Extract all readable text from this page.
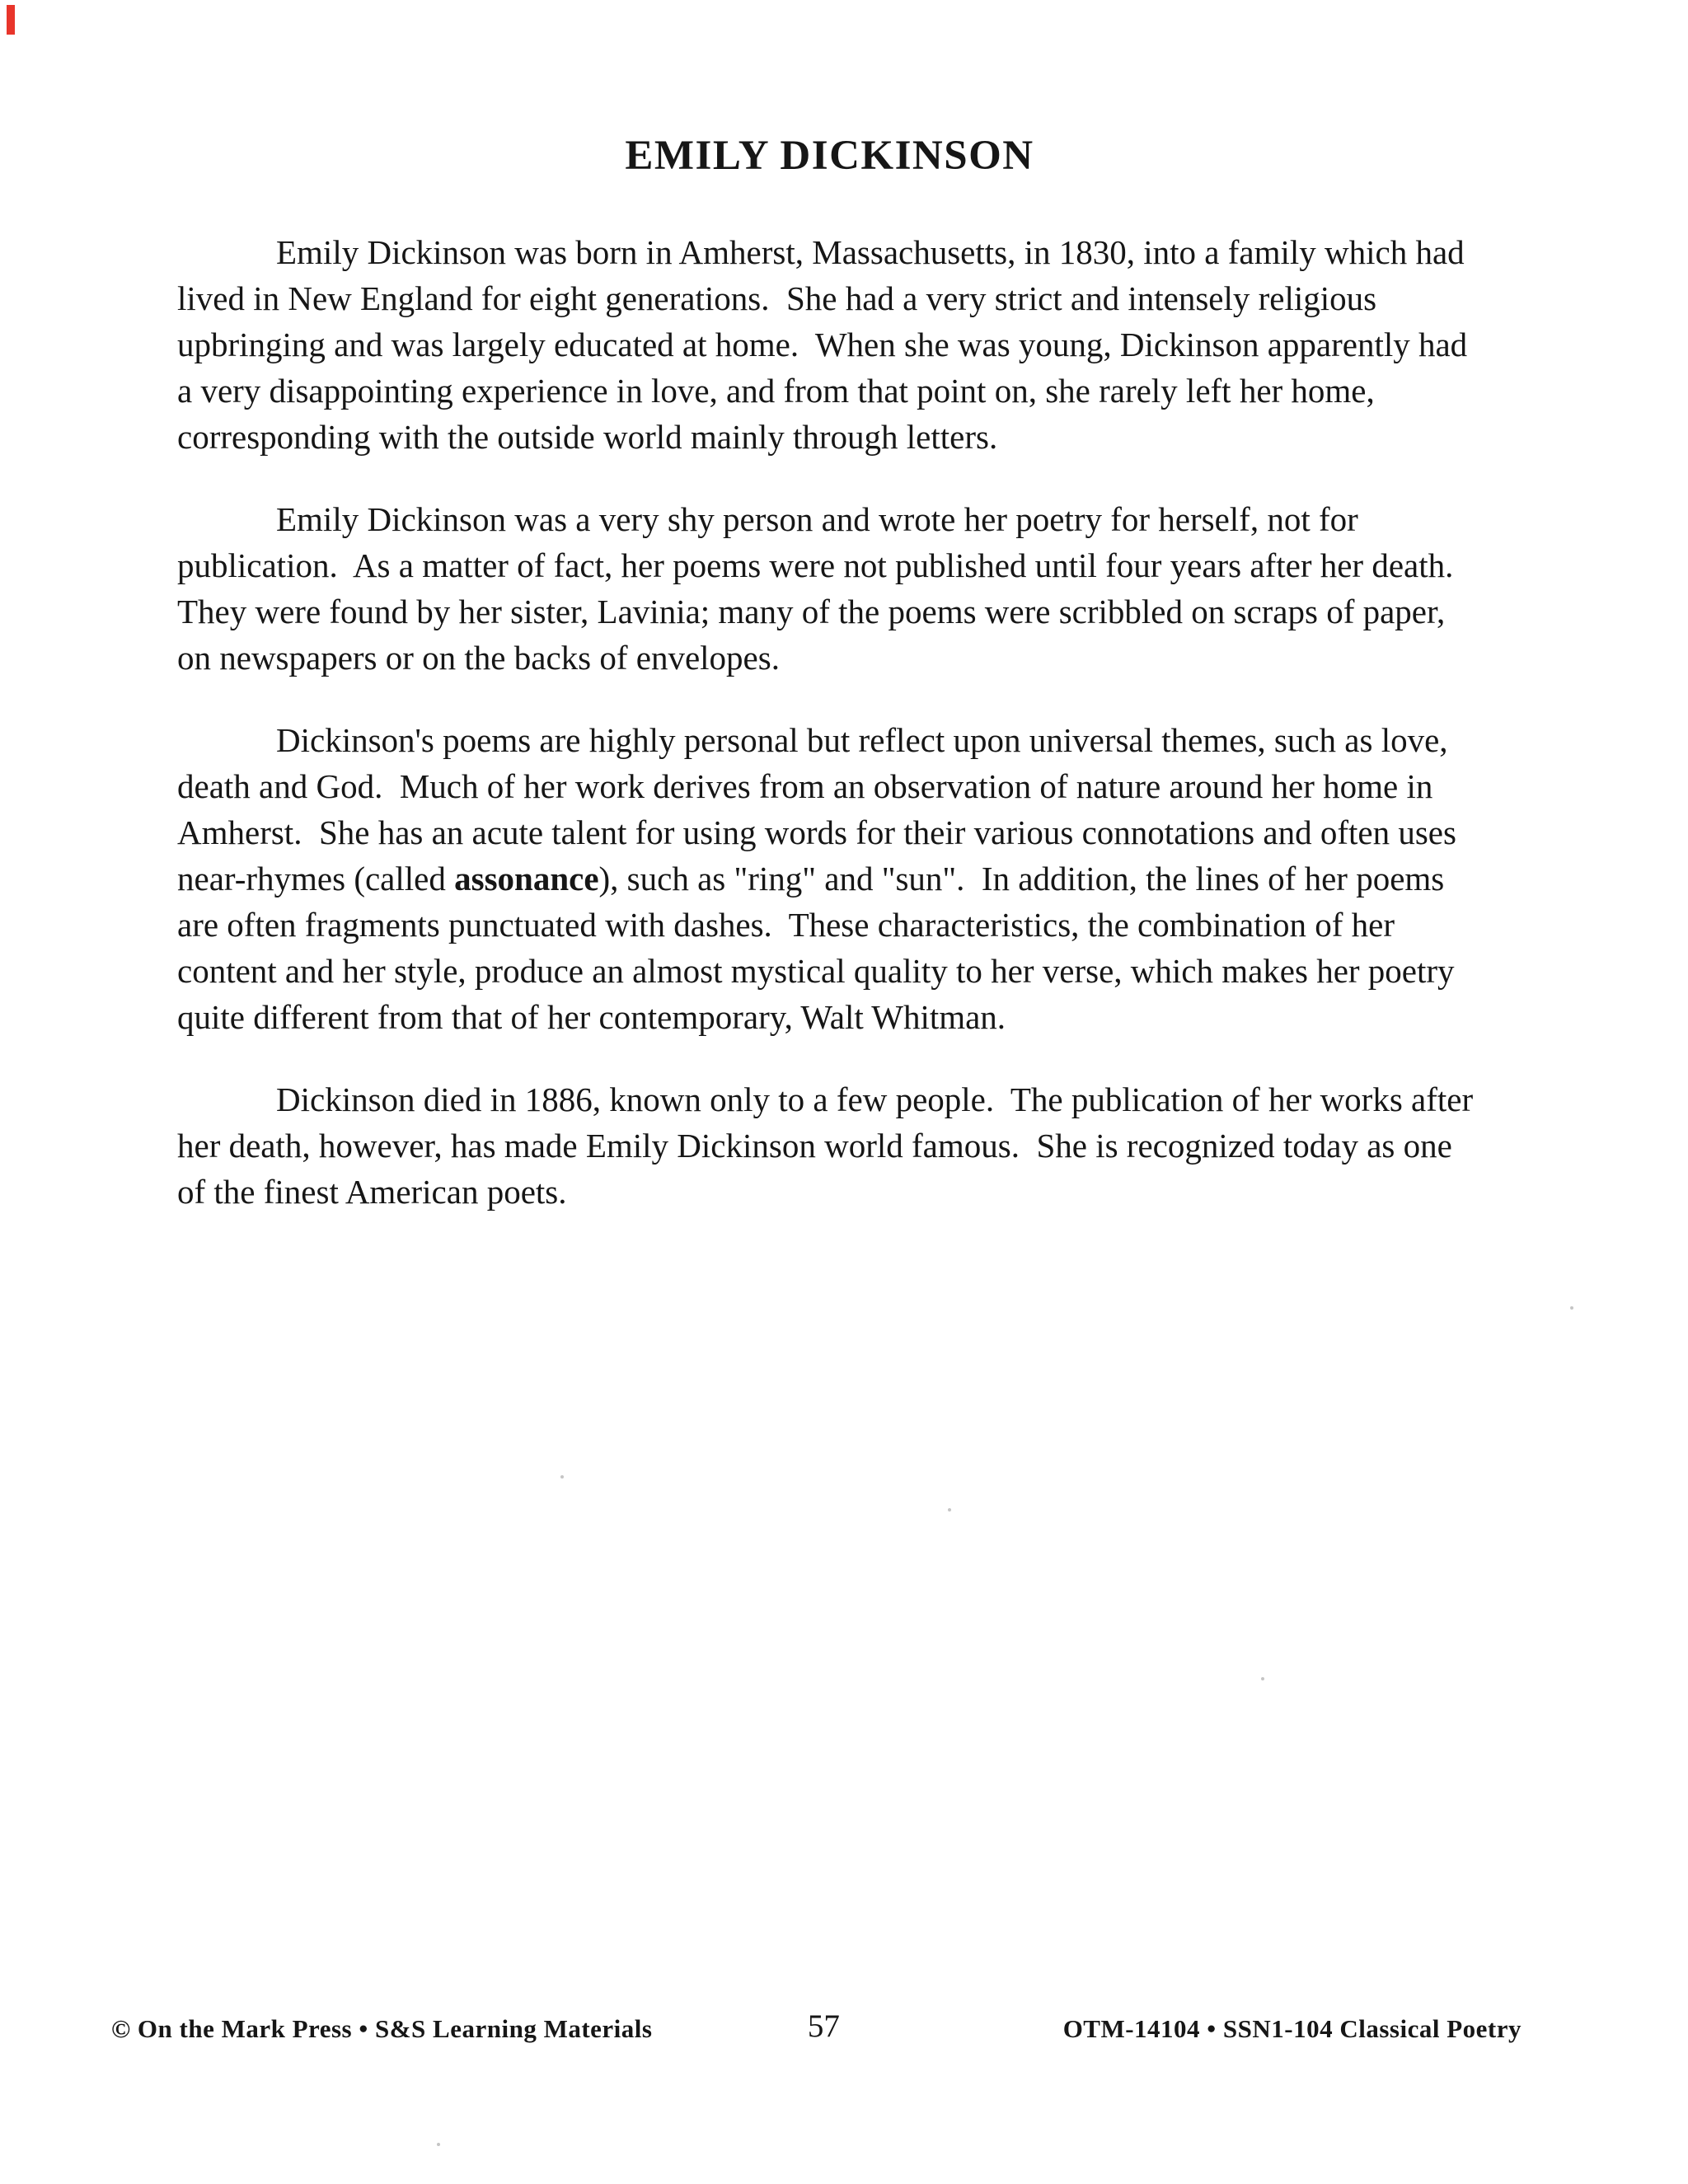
EMILY DICKINSON

Emily Dickinson was born in Amherst, Massachusetts, in 1830, into a family which had lived in New England for eight generations.  She had a very strict and intensely religious upbringing and was largely educated at home.  When she was young, Dickinson apparently had a very disappointing experience in love, and from that point on, she rarely left her home, corresponding with the outside world mainly through letters.

Emily Dickinson was a very shy person and wrote her poetry for herself, not for publication.  As a matter of fact, her poems were not published until four years after her death.  They were found by her sister, Lavinia; many of the poems were scribbled on scraps of paper, on newspapers or on the backs of envelopes.

Dickinson's poems are highly personal but reflect upon universal themes, such as love, death and God.  Much of her work derives from an observation of nature around her home in Amherst.  She has an acute talent for using words for their various connotations and often uses near-rhymes (called assonance), such as "ring" and "sun".  In addition, the lines of her poems are often fragments punctuated with dashes.  These characteristics, the combination of her content and her style, produce an almost mystical quality to her verse, which makes her poetry quite different from that of her contemporary, Walt Whitman.

Dickinson died in 1886, known only to a few people.  The publication of her works after her death, however, has made Emily Dickinson world famous.  She is recognized today as one of the finest American poets.

© On the Mark Press • S&S Learning Materials	57	OTM-14104 • SSN1-104 Classical Poetry
